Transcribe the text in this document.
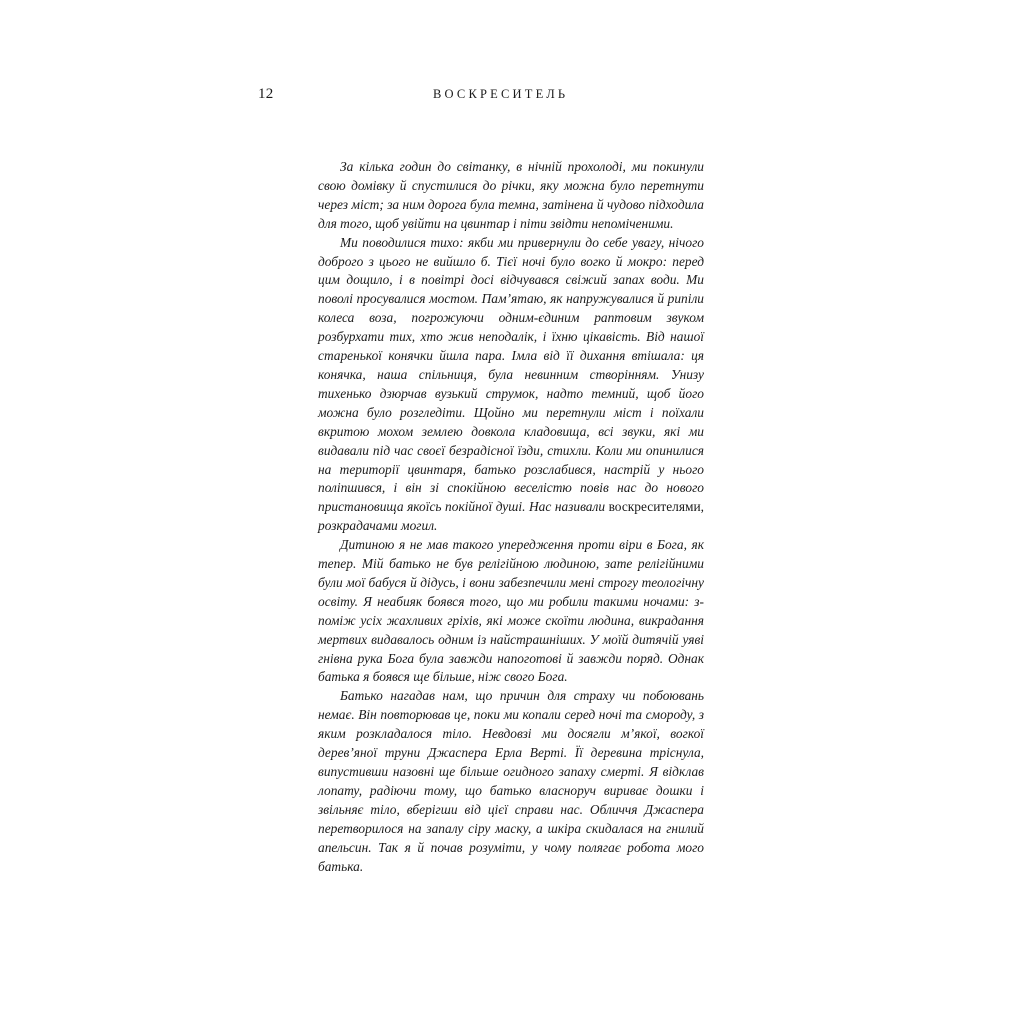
12	ВОСКРЕСИТЕЛЬ

За кілька годин до світанку, в нічній прохолоді, ми покинули свою домівку й спустилися до річки, яку можна було перетнути через міст; за ним дорога була темна, затінена й чудово підходила для того, щоб увійти на цвинтар і піти звідти непоміченими.

Ми поводилися тихо: якби ми привернули до себе увагу, нічого доброго з цього не вийшло б. Тієї ночі було вогко й мокро: перед цим дощило, і в повітрі досі відчувався свіжий запах води. Ми поволі просувалися мостом. Пам’ятаю, як напружувалися й рипіли колеса воза, погрожуючи одним-єдиним раптовим звуком розбурхати тих, хто жив неподалік, і їхню цікавість. Від нашої старенької конячки йшла пара. Імла від її дихання втішала: ця конячка, наша спільниця, була невинним створінням. Унизу тихенько дзюрчав вузький струмок, надто темний, щоб його можна було розгледіти. Щойно ми перетнули міст і поїхали вкритою мохом землею довкола кладовища, всі звуки, які ми видавали під час своєї безрадісної їзди, стихли. Коли ми опинилися на території цвинтаря, батько розслабився, настрій у нього поліпшився, і він зі спокійною веселістю повів нас до нового пристановища якоїсь покійної душі. Нас називали воскресителями, розкрадачами могил.

Дитиною я не мав такого упередження проти віри в Бога, як тепер. Мій батько не був релігійною людиною, зате релігійними були мої бабуся й дідусь, і вони забезпечили мені строгу теологічну освіту. Я неабияк боявся того, що ми робили такими ночами: з-поміж усіх жахливих гріхів, які може скоїти людина, викрадання мертвих видавалось одним із найстрашніших. У моїй дитячій уяві гнівна рука Бога була завжди напоготові й завжди поряд. Однак батька я боявся ще більше, ніж свого Бога.

Батько нагадав нам, що причин для страху чи побоювань немає. Він повторював це, поки ми копали серед ночі та смороду, з яким розкладалося тіло. Невдовзі ми досягли м’якої, вогкої дерев’яної труни Джаспера Ерла Верті. Її деревина тріснула, випустивши назовні ще більше огидного запаху смерті. Я відклав лопату, радіючи тому, що батько власноруч вириває дошки і звільняє тіло, вберігши від цієї справи нас. Обличчя Джаспера перетворилося на запалу сіру маску, а шкіра скидалася на гнилий апельсин. Так я й почав розуміти, у чому полягає робота мого батька.
